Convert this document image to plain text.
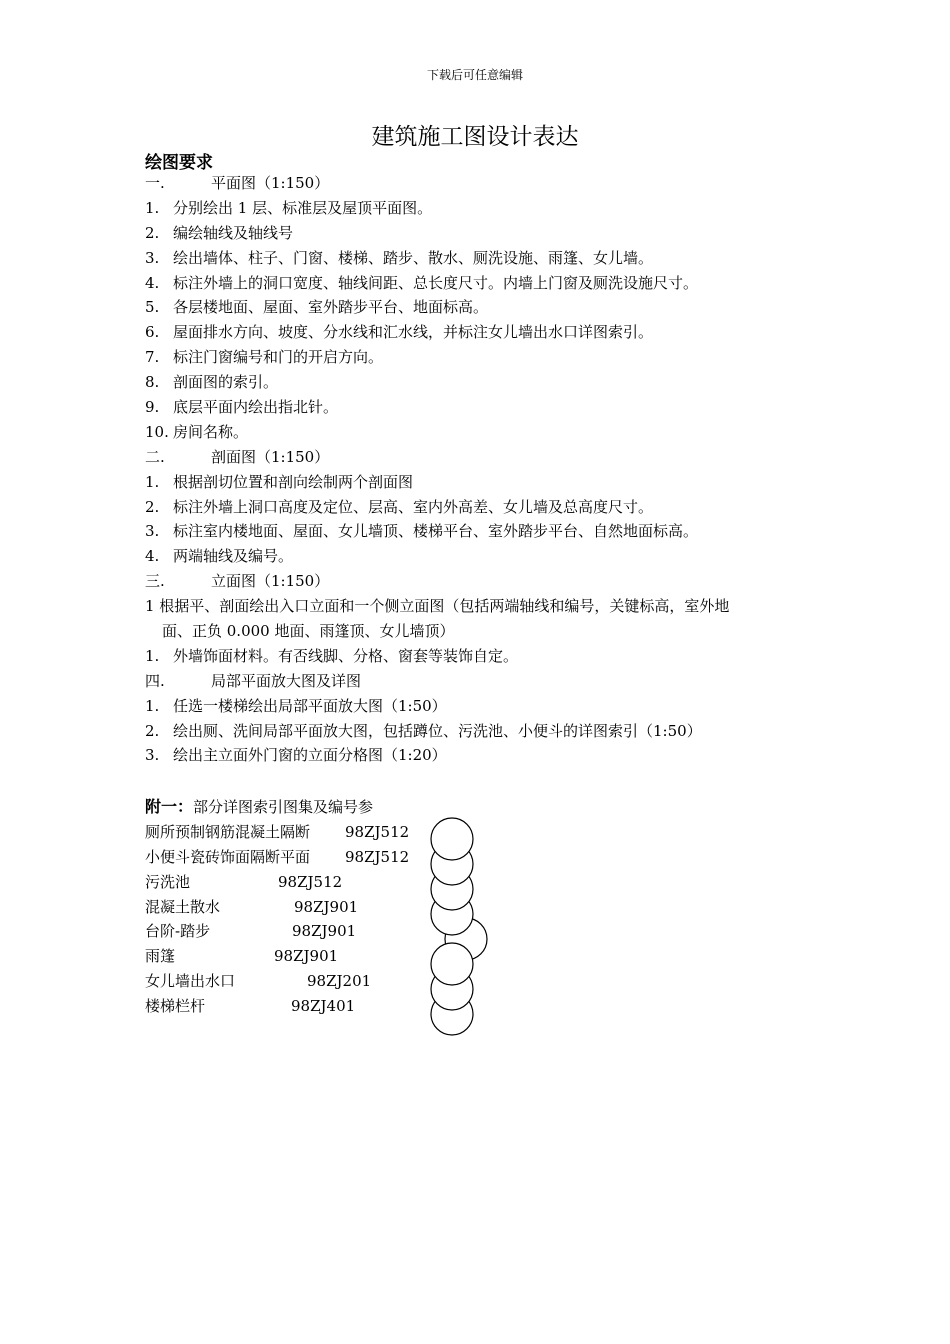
下载后可任意编辑
建筑施工图设计表达
绘图要求
一.	平面图（1:150）
1. 分别绘出 1 层、标准层及屋顶平面图。
2. 编绘轴线及轴线号
3. 绘出墙体、柱子、门窗、楼梯、踏步、散水、厕洗设施、雨篷、女儿墙。
4. 标注外墙上的洞口宽度、轴线间距、总长度尺寸。内墙上门窗及厕洗设施尺寸。
5. 各层楼地面、屋面、室外踏步平台、地面标高。
6. 屋面排水方向、坡度、分水线和汇水线，并标注女儿墙出水口详图索引。
7. 标注门窗编号和门的开启方向。
8. 剖面图的索引。
9. 底层平面内绘出指北针。
10. 房间名称。
二.	剖面图（1:150）
1. 根据剖切位置和剖向绘制两个剖面图
2. 标注外墙上洞口高度及定位、层高、室内外高差、女儿墙及总高度尺寸。
3. 标注室内楼地面、屋面、女儿墙顶、楼梯平台、室外踏步平台、自然地面标高。
4. 两端轴线及编号。
三.	立面图（1:150）
1 根据平、剖面绘出入口立面和一个侧立面图（包括两端轴线和编号，关键标高，室外地
面、正负 0.000 地面、雨篷顶、女儿墙顶）
1. 外墙饰面材料。有否线脚、分格、窗套等装饰自定。
四.	局部平面放大图及详图
1. 任选一楼梯绘出局部平面放大图（1:50）
2. 绘出厕、洗间局部平面放大图，包括蹲位、污洗池、小便斗的详图索引（1:50）
3. 绘出主立面外门窗的立面分格图（1:20）
附一：部分详图索引图集及编号参
厕所预制钢筋混凝土隔断 98ZJ512
小便斗瓷砖饰面隔断平面 98ZJ512
污洗池	98ZJ512
混凝土散水	98ZJ901
台阶-踏步	98ZJ901
雨篷	98ZJ901
女儿墙出水口	98ZJ201
楼梯栏杆	98ZJ401
